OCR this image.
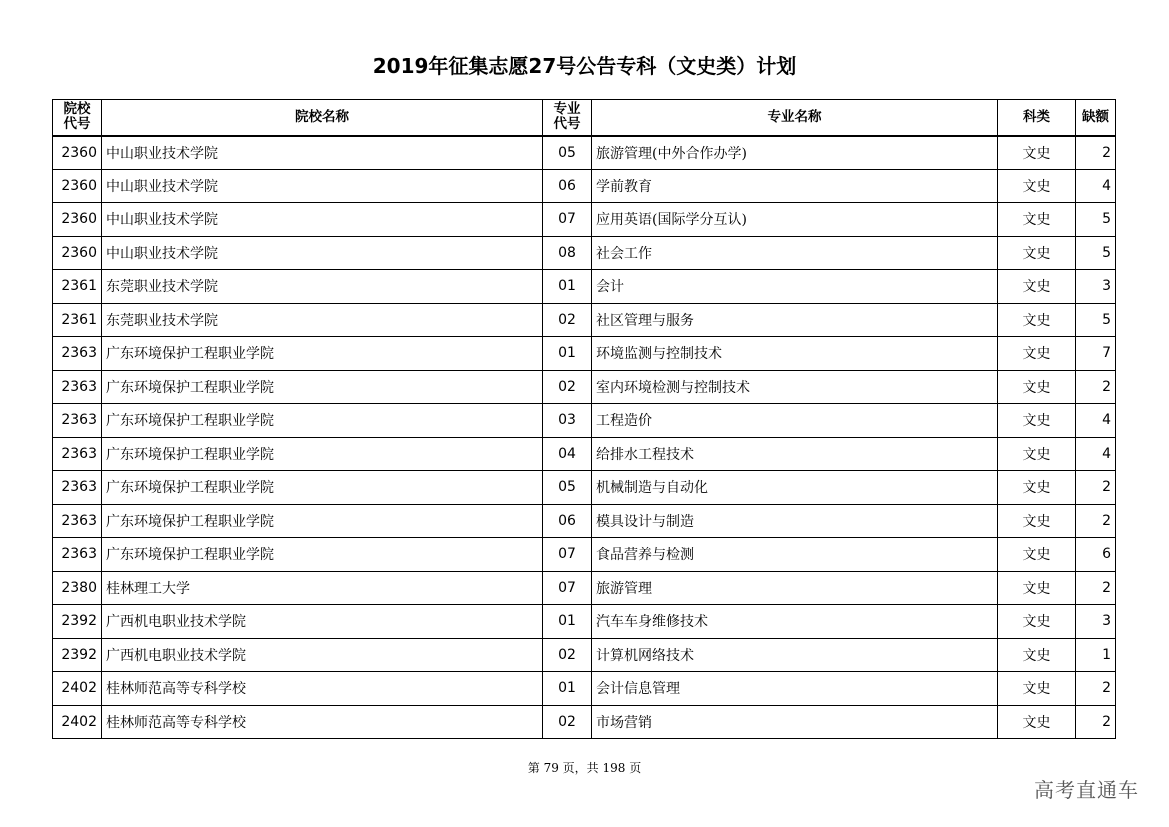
2019年征集志愿27号公告专科（文史类）计划
院校代号	院校名称	专业代号	专业名称	科类	缺额
2360	中山职业技术学院	05	旅游管理(中外合作办学)	文史	2
2360	中山职业技术学院	06	学前教育	文史	4
2360	中山职业技术学院	07	应用英语(国际学分互认)	文史	5
2360	中山职业技术学院	08	社会工作	文史	5
2361	东莞职业技术学院	01	会计	文史	3
2361	东莞职业技术学院	02	社区管理与服务	文史	5
2363	广东环境保护工程职业学院	01	环境监测与控制技术	文史	7
2363	广东环境保护工程职业学院	02	室内环境检测与控制技术	文史	2
2363	广东环境保护工程职业学院	03	工程造价	文史	4
2363	广东环境保护工程职业学院	04	给排水工程技术	文史	4
2363	广东环境保护工程职业学院	05	机械制造与自动化	文史	2
2363	广东环境保护工程职业学院	06	模具设计与制造	文史	2
2363	广东环境保护工程职业学院	07	食品营养与检测	文史	6
2380	桂林理工大学	07	旅游管理	文史	2
2392	广西机电职业技术学院	01	汽车车身维修技术	文史	3
2392	广西机电职业技术学院	02	计算机网络技术	文史	1
2402	桂林师范高等专科学校	01	会计信息管理	文史	2
2402	桂林师范高等专科学校	02	市场营销	文史	2
第 79 页，共 198 页
高考直通车
